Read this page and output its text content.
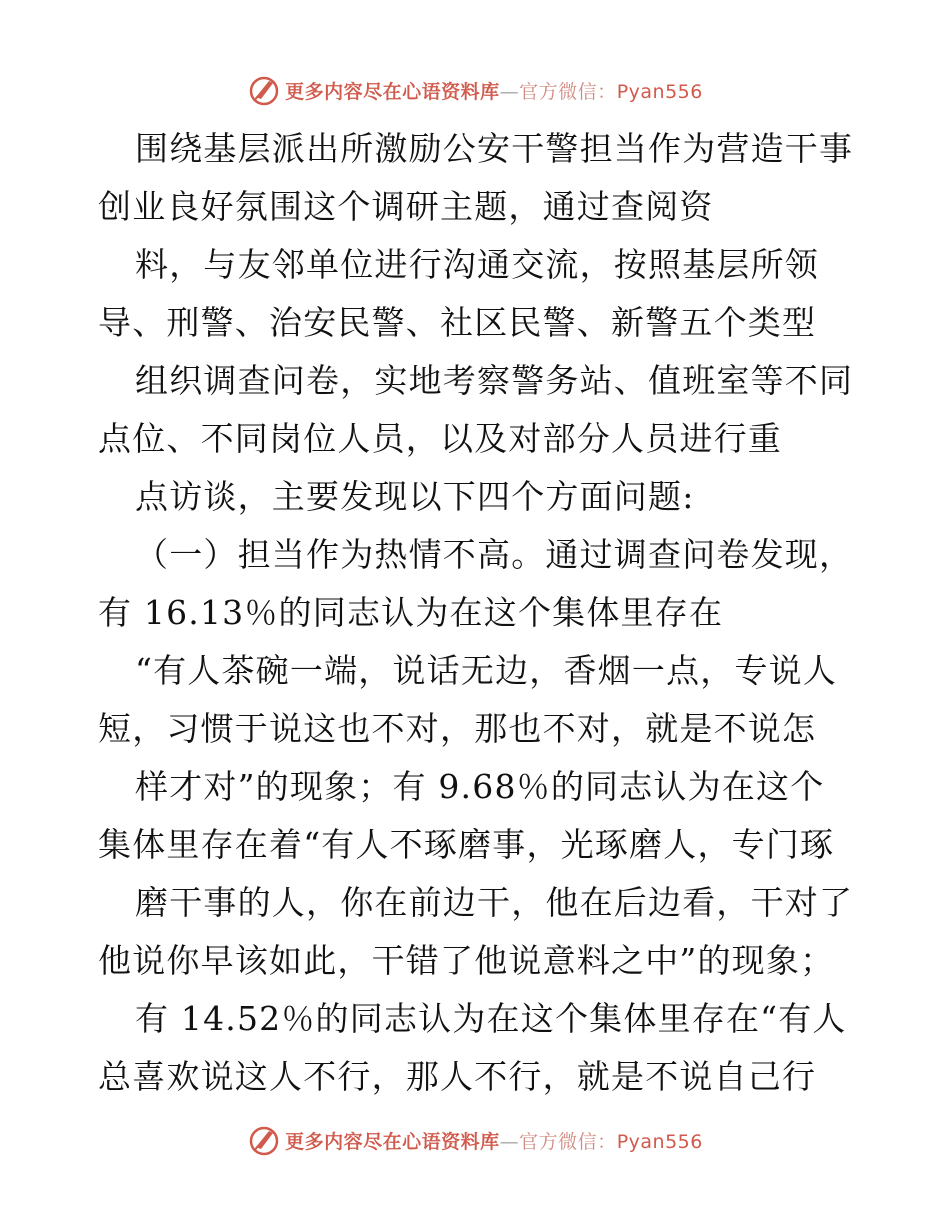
更多内容尽在心语资料库—官方微信：Pyan556
围绕基层派出所激励公安干警担当作为营造干事
创业良好氛围这个调研主题，通过查阅资
料，与友邻单位进行沟通交流，按照基层所领
导、刑警、治安民警、社区民警、新警五个类型
组织调查问卷，实地考察警务站、值班室等不同
点位、不同岗位人员，以及对部分人员进行重
点访谈，主要发现以下四个方面问题:
（一）担当作为热情不高。通过调查问卷发现，
有 16.13％的同志认为在这个集体里存在
“有人茶碗一端，说话无边，香烟一点，专说人
短，习惯于说这也不对，那也不对，就是不说怎
样才对”的现象；有 9.68％的同志认为在这个
集体里存在着“有人不琢磨事，光琢磨人，专门琢
磨干事的人，你在前边干，他在后边看，干对了
他说你早该如此，干错了他说意料之中”的现象；
有 14.52％的同志认为在这个集体里存在“有人
总喜欢说这人不行，那人不行，就是不说自己行
更多内容尽在心语资料库—官方微信：Pyan556
